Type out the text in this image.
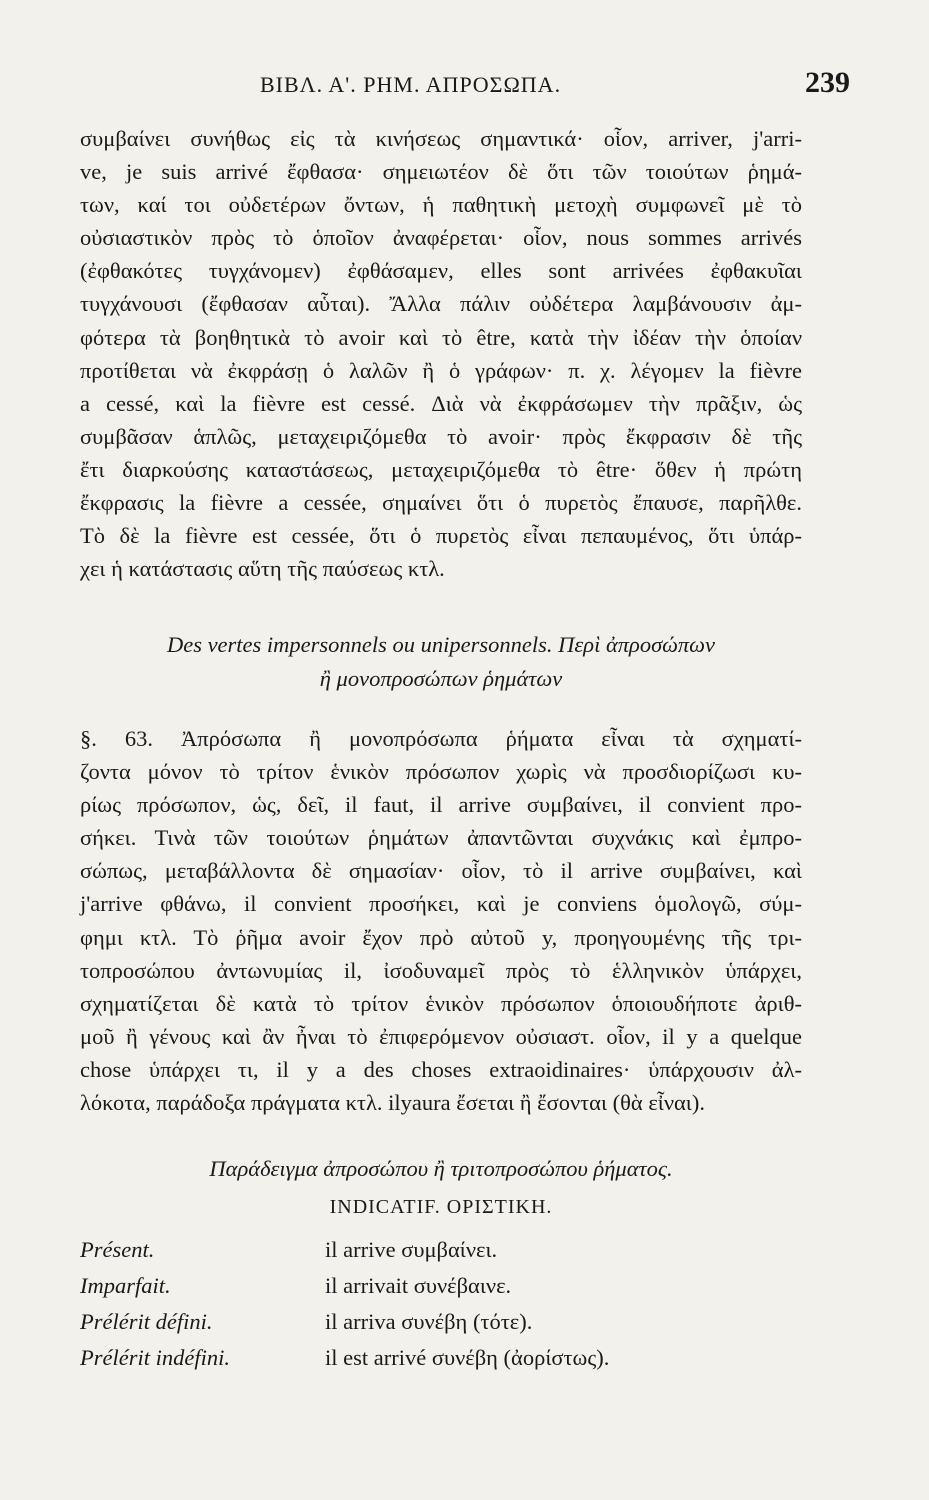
ΒΙΒΛ. Α'. ΡΗΜ. ΑΠΡΟΣΩΠΑ.	239
συμβαίνει συνήθως εἰς τὰ κινήσεως σημαντικά· οἷον, arriver, j'arri-
ve, je suis arrivé ἔφθασα· σημειωτέον δὲ ὅτι τῶν τοιούτων ῥημά-
των, καί τοι οὐδετέρων ὄντων, ἡ παθητικὴ μετοχὴ συμφωνεῖ μὲ τὸ
οὐσιαστικὸν πρὸς τὸ ὁποῖον ἀναφέρεται· οἷον, nous sommes arrivés
(ἐφθακότες τυγχάνομεν) ἐφθάσαμεν, elles sont arrivées ἐφθακυῖαι
τυγχάνουσι (ἔφθασαν αὗται). Ἄλλα πάλιν οὐδέτερα λαμβάνουσιν ἀμ-
φότερα τὰ βοηθητικὰ τὸ avoir καὶ τὸ être, κατὰ τὴν ἰδέαν τὴν ὁποίαν
προτίθεται νὰ ἐκφράσῃ ὁ λαλῶν ἢ ὁ γράφων· π. χ. λέγομεν la fièvre
a cessé, καὶ la fièvre est cessé. Διὰ νὰ ἐκφράσωμεν τὴν πρᾶξιν, ὡς
συμβᾶσαν ἁπλῶς, μεταχειριζόμεθα τὸ avoir· πρὸς ἔκφρασιν δὲ τῆς
ἔτι διαρκούσης καταστάσεως, μεταχειριζόμεθα τὸ être· ὅθεν ἡ πρώτη
ἔκφρασις la fièvre a cessée, σημαίνει ὅτι ὁ πυρετὸς ἔπαυσε, παρῆλθε.
Τὸ δὲ la fièvre est cessée, ὅτι ὁ πυρετὸς εἶναι πεπαυμένος, ὅτι ὑπάρ-
χει ἡ κατάστασις αὕτη τῆς παύσεως κτλ.
Des vertes impersonnels ou unipersonnels. Περὶ ἀπροσώπων
ἢ μονοπροσώπων ῥημάτων
§. 63. Ἀπρόσωπα ἢ μονοπρόσωπα ῥήματα εἶναι τὰ σχηματί-
ζοντα μόνον τὸ τρίτον ἑνικὸν πρόσωπον χωρὶς νὰ προσδιορίζωσι κυ-
ρίως πρόσωπον, ὡς, δεῖ, il faut, il arrive συμβαίνει, il convient προ-
σήκει. Τινὰ τῶν τοιούτων ῥημάτων ἀπαντῶνται συχνάκις καὶ ἐμπρο-
σώπως, μεταβάλλοντα δὲ σημασίαν· οἷον, τὸ il arrive συμβαίνει, καὶ
j'arrive φθάνω, il convient προσήκει, καὶ je conviens ὁμολογῶ, σύμ-
φημι κτλ. Τὸ ῥῆμα avoir ἔχον πρὸ αὐτοῦ y, προηγουμένης τῆς τρι-
τοπροσώπου ἀντωνυμίας il, ἰσοδυναμεῖ πρὸς τὸ ἑλληνικὸν ὑπάρχει,
σχηματίζεται δὲ κατὰ τὸ τρίτον ἑνικὸν πρόσωπον ὁποιουδήποτε ἀριθ-
μοῦ ἢ γένους καὶ ἂν ἦναι τὸ ἐπιφερόμενον οὐσιαστ. οἷον, il y a quelque
chose ὑπάρχει τι, il y a des choses extraoidinaires· ὑπάρχουσιν ἀλ-
λόκοτα, παράδοξα πράγματα κτλ. ilyaura ἔσεται ἢ ἔσονται (θὰ εἶναι).
Παράδειγμα ἀπροσώπου ἢ τριτοπροσώπου ῥήματος.
INDICATIF. ΟΡΙΣΤΙΚΗ.
Présent.	il arrive συμβαίνει.
Imparfait.	il arrivait συνέβαινε.
Prélérit défini.	il arriva συνέβη (τότε).
Prélérit indéfini.	il est arrivé συνέβη (ἀορίστως).
